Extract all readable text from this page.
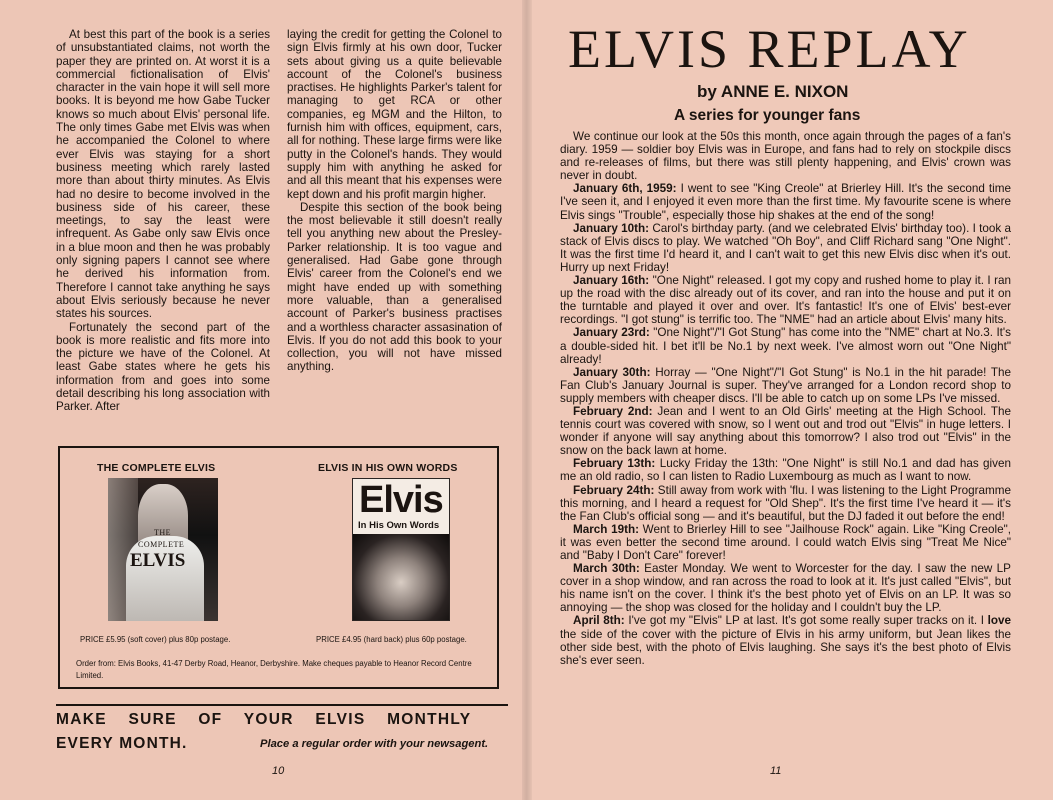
At best this part of the book is a series of unsubstantiated claims, not worth the paper they are printed on. At worst it is a commercial fictionalisation of Elvis' character in the vain hope it will sell more books. It is beyond me how Gabe Tucker knows so much about Elvis' personal life. The only times Gabe met Elvis was when he accompanied the Colonel to where ever Elvis was staying for a short business meeting which rarely lasted more than about thirty minutes. As Elvis had no desire to become involved in the business side of his career, these meetings, to say the least were infrequent. As Gabe only saw Elvis once in a blue moon and then he was probably only signing papers I cannot see where he derived his information from. Therefore I cannot take anything he says about Elvis seriously because he never states his sources.

Fortunately the second part of the book is more realistic and fits more into the picture we have of the Colonel. At least Gabe states where he gets his information from and goes into some detail describing his long association with Parker. After

laying the credit for getting the Colonel to sign Elvis firmly at his own door, Tucker sets about giving us a quite believable account of the Colonel's business practises. He highlights Parker's talent for managing to get RCA or other companies, eg MGM and the Hilton, to furnish him with offices, equipment, cars, all for nothing. These large firms were like putty in the Colonel's hands. They would supply him with anything he asked for and all this meant that his expenses were kept down and his profit margin higher.

Despite this section of the book being the most believable it still doesn't really tell you anything new about the Presley-Parker relationship. It is too vague and generalised. Had Gabe gone through Elvis' career from the Colonel's end we might have ended up with something more valuable, than a generalised account of Parker's business practises and a worthless character assasination of Elvis. If you do not add this book to your collection, you will not have missed anything.

THE COMPLETE ELVIS	ELVIS IN HIS OWN WORDS
THE
COMPLETE
ELVIS
Elvis
In His Own Words
PRICE £5.95 (soft cover) plus 80p postage.	PRICE £4.95 (hard back) plus 60p postage.
Order from: Elvis Books, 41-47 Derby Road, Heanor, Derbyshire. Make cheques payable to Heanor Record Centre Limited.
MAKE SURE OF YOUR ELVIS MONTHLY
EVERY MONTH.	Place a regular order with your newsagent.
10
ELVIS REPLAY
by ANNE E. NIXON
A series for younger fans

We continue our look at the 50s this month, once again through the pages of a fan's diary. 1959 — soldier boy Elvis was in Europe, and fans had to rely on stockpile discs and re-releases of films, but there was still plenty happening, and Elvis' crown was never in doubt.

January 6th, 1959: I went to see "King Creole" at Brierley Hill. It's the second time I've seen it, and I enjoyed it even more than the first time. My favourite scene is where Elvis sings "Trouble", especially those hip shakes at the end of the song!

January 10th: Carol's birthday party. (and we celebrated Elvis' birthday too). I took a stack of Elvis discs to play. We watched "Oh Boy", and Cliff Richard sang "One Night". It was the first time I'd heard it, and I can't wait to get this new Elvis disc when it's out. Hurry up next Friday!

January 16th: "One Night" released. I got my copy and rushed home to play it. I ran up the road with the disc already out of its cover, and ran into the house and put it on the turntable and played it over and over. It's fantastic! It's one of Elvis' best-ever recordings. "I got stung" is terrific too. The "NME" had an article about Elvis' many hits.

January 23rd: "One Night"/"I Got Stung" has come into the "NME" chart at No.3. It's a double-sided hit. I bet it'll be No.1 by next week. I've almost worn out "One Night" already!

January 30th: Horray — "One Night"/"I Got Stung" is No.1 in the hit parade! The Fan Club's January Journal is super. They've arranged for a London record shop to supply members with cheaper discs. I'll be able to catch up on some LPs I've missed.

February 2nd: Jean and I went to an Old Girls' meeting at the High School. The tennis court was covered with snow, so I went out and trod out "Elvis" in huge letters. I wonder if anyone will say anything about this tomorrow? I also trod out "Elvis" in the snow on the back lawn at home.

February 13th: Lucky Friday the 13th: "One Night" is still No.1 and dad has given me an old radio, so I can listen to Radio Luxembourg as much as I want to now.

February 24th: Still away from work with 'flu. I was listening to the Light Programme this morning, and I heard a request for "Old Shep". It's the first time I've heard it — it's the Fan Club's official song — and it's beautiful, but the DJ faded it out before the end!

March 19th: Went to Brierley Hill to see "Jailhouse Rock" again. Like "King Creole", it was even better the second time around. I could watch Elvis sing "Treat Me Nice" and "Baby I Don't Care" forever!

March 30th: Easter Monday. We went to Worcester for the day. I saw the new LP cover in a shop window, and ran across the road to look at it. It's just called "Elvis", but his name isn't on the cover. I think it's the best photo yet of Elvis on an LP. It was so annoying — the shop was closed for the holiday and I couldn't buy the LP.

April 8th: I've got my "Elvis" LP at last. It's got some really super tracks on it. I love the side of the cover with the picture of Elvis in his army uniform, but Jean likes the other side best, with the photo of Elvis laughing. She says it's the best photo of Elvis she's ever seen.

11
